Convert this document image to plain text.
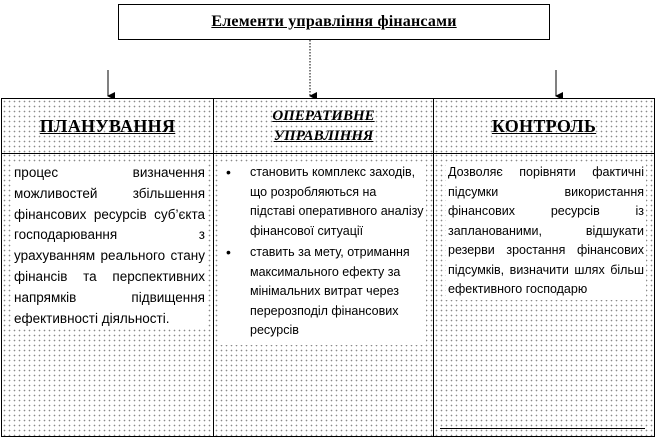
Елементи управління фінансами
ПЛАНУВАННЯ
процес визначення можливостей збільшення фінансових ресурсів суб’єкта господарювання з урахуванням реального стану фінансів та перспективних напрямків підвищення ефективності діяльності.
ОПЕРАТИВНЕ
УПРАВЛІННЯ
• становить комплекс заходів, що розробляються на підставі оперативного аналізу фінансової ситуації
• ставить за мету, отримання максимального ефекту за мінімальних витрат через перерозподіл фінансових ресурсів
КОНТРОЛЬ
Дозволяє порівняти фактичні підсумки використання фінансових ресурсів із запланованими, відшукати резерви зростання фінансових підсумків, визначити шлях більш ефективного господарю
